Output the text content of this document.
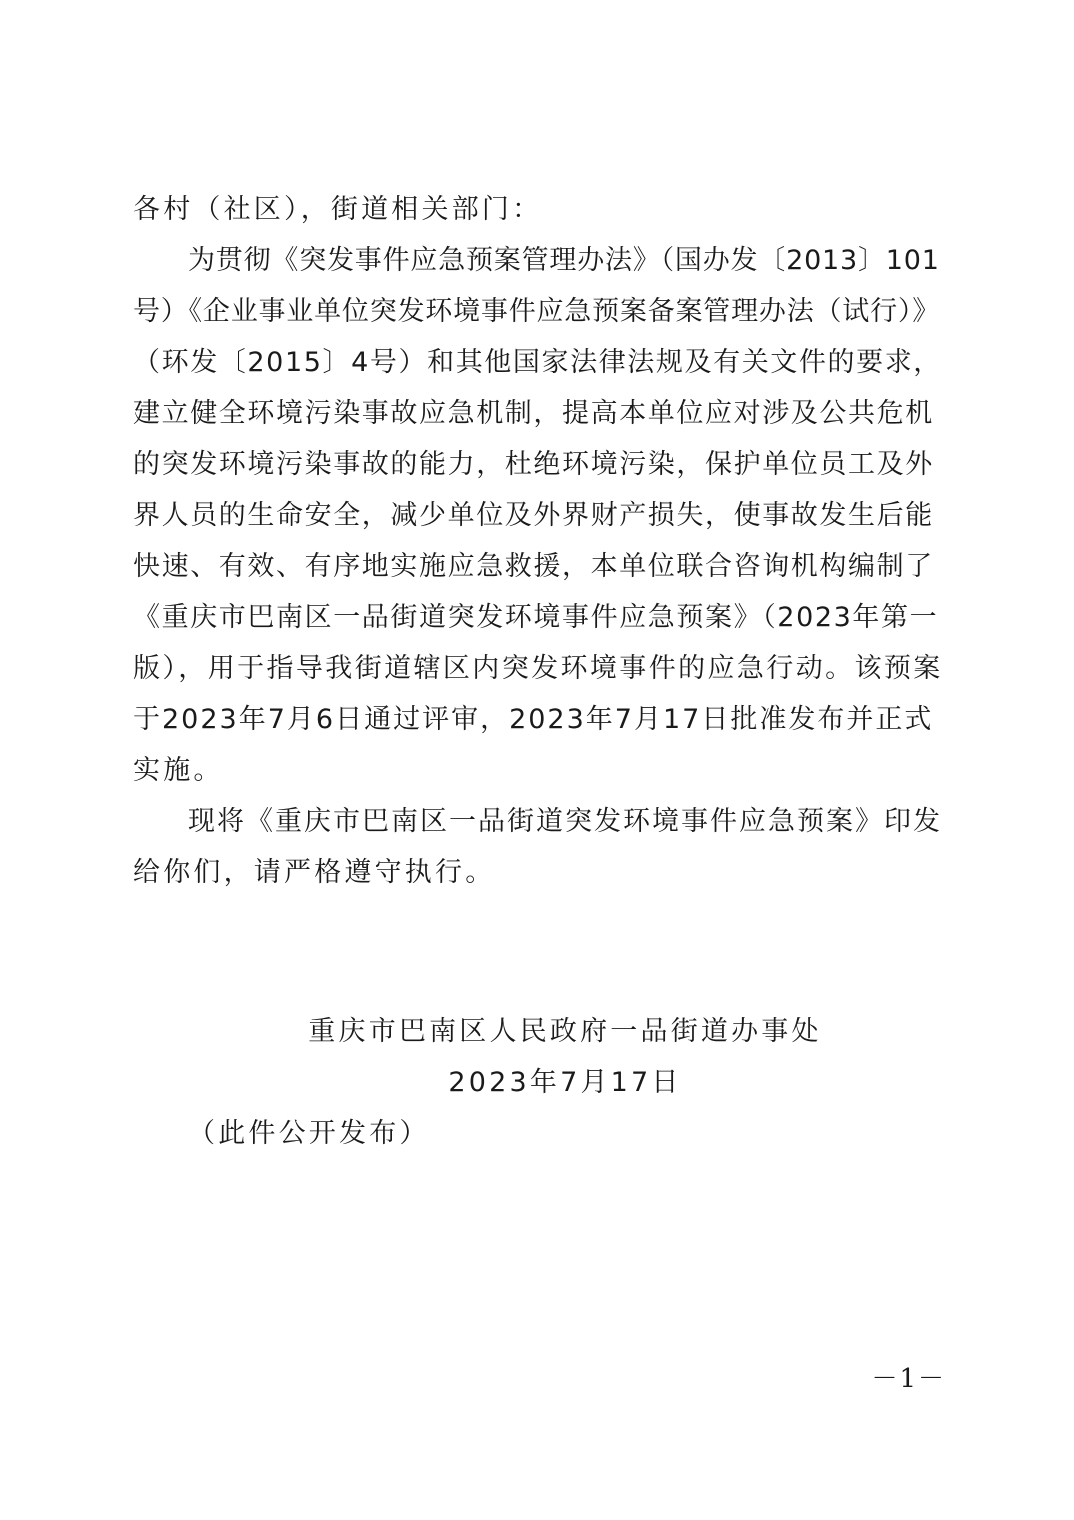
各村（社区），街道相关部门：
为贯彻《突发事件应急预案管理办法》（国办发〔2013〕101
号）《企业事业单位突发环境事件应急预案备案管理办法（试行）》
（环发〔2015〕4号）和其他国家法律法规及有关文件的要求，
建立健全环境污染事故应急机制，提高本单位应对涉及公共危机
的突发环境污染事故的能力，杜绝环境污染，保护单位员工及外
界人员的生命安全，减少单位及外界财产损失，使事故发生后能
快速、有效、有序地实施应急救援，本单位联合咨询机构编制了
《重庆市巴南区一品街道突发环境事件应急预案》（2023年第一
版），用于指导我街道辖区内突发环境事件的应急行动。该预案
于2023年7月6日通过评审，2023年7月17日批准发布并正式
实施。
现将《重庆市巴南区一品街道突发环境事件应急预案》印发
给你们，请严格遵守执行。
重庆市巴南区人民政府一品街道办事处
2023年7月17日
（此件公开发布）
－1－
